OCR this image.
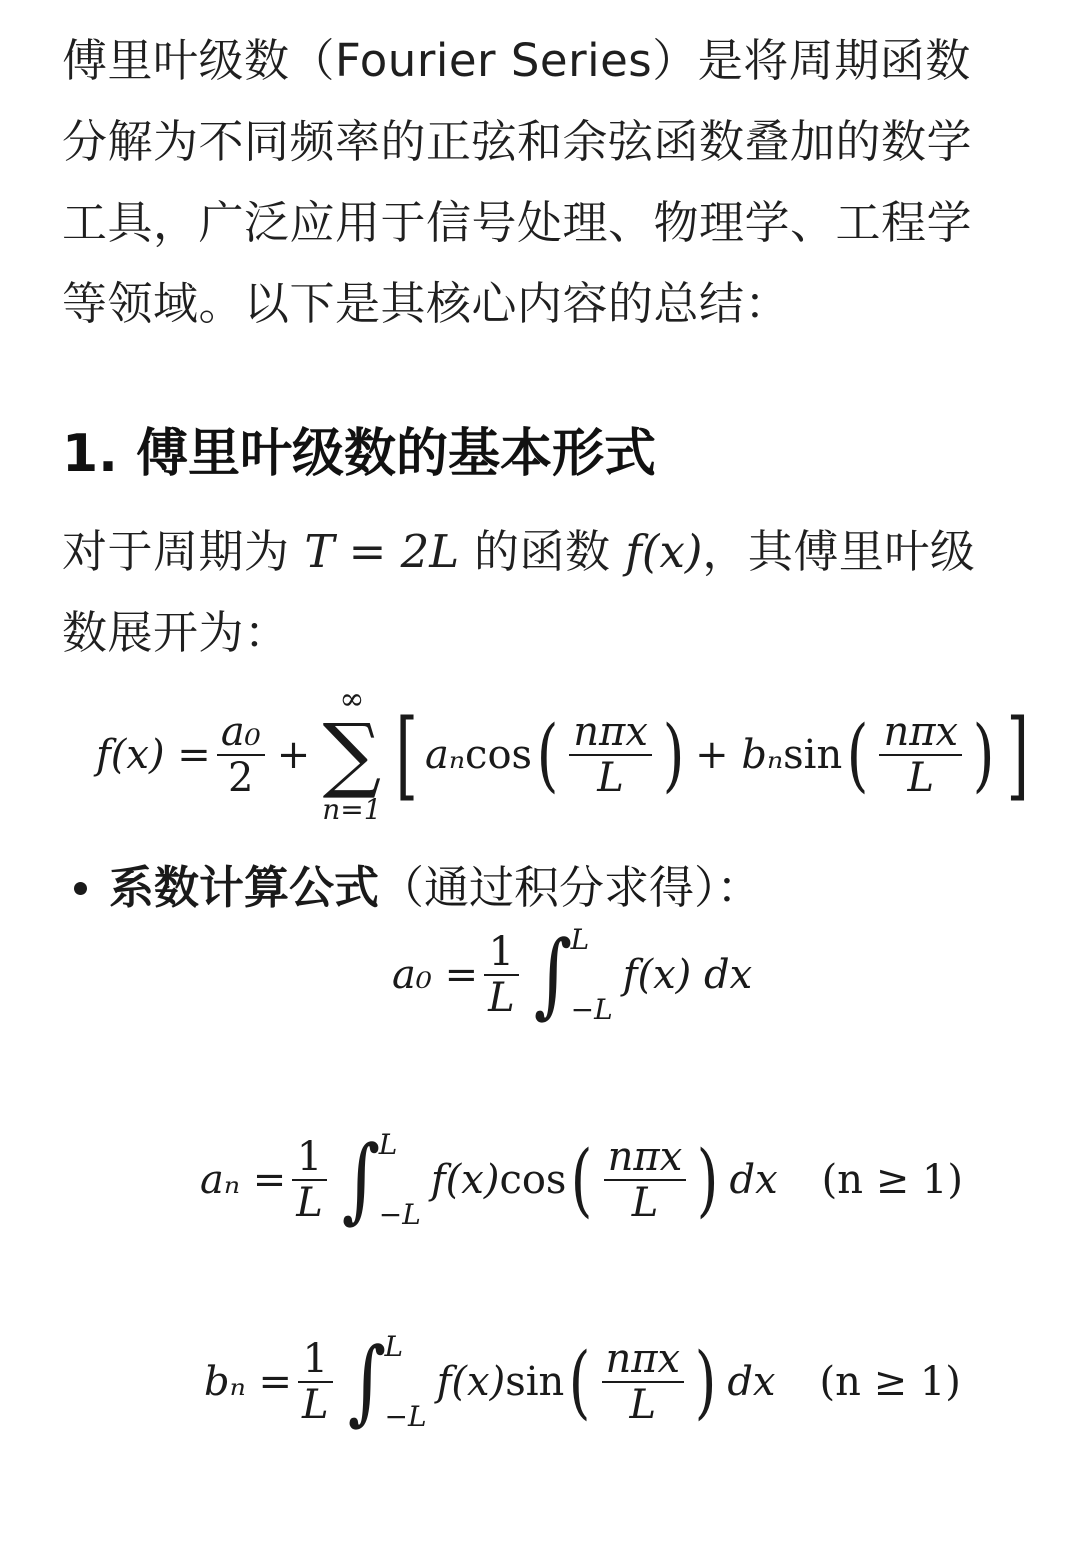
傅里叶级数（Fourier Series）是将周期函数
分解为不同频率的正弦和余弦函数叠加的数学
工具，广泛应用于信号处理、物理学、工程学
等领域。以下是其核心内容的总结：
1. 傅里叶级数的基本形式
对于周期为 T = 2L 的函数 f(x)，其傅里叶级
数展开为：
$f(x) = \frac{\text{a₀}}{2}$ +
∞
∑
n=1 [ aₙ cos ( $\frac{\text{nπx}}{L}$ ) + bₙ sin ( $\frac{\text{nπx}}{L}$ ) ]
系数计算公式 （通过积分求得）：
$a_0 = \frac{1}{L}$ ∫
L
−L
f(x) dx
$a_n = \frac{1}{L}$ ∫
L
−L
f(x) cos ( $\frac{\text{nπx}}{L}$ ) dx (n ≥ 1)
$b_n = \frac{1}{L}$ ∫
L
−L
f(x) sin ( $\frac{\text{nπx}}{L}$ ) dx (n ≥ 1)
